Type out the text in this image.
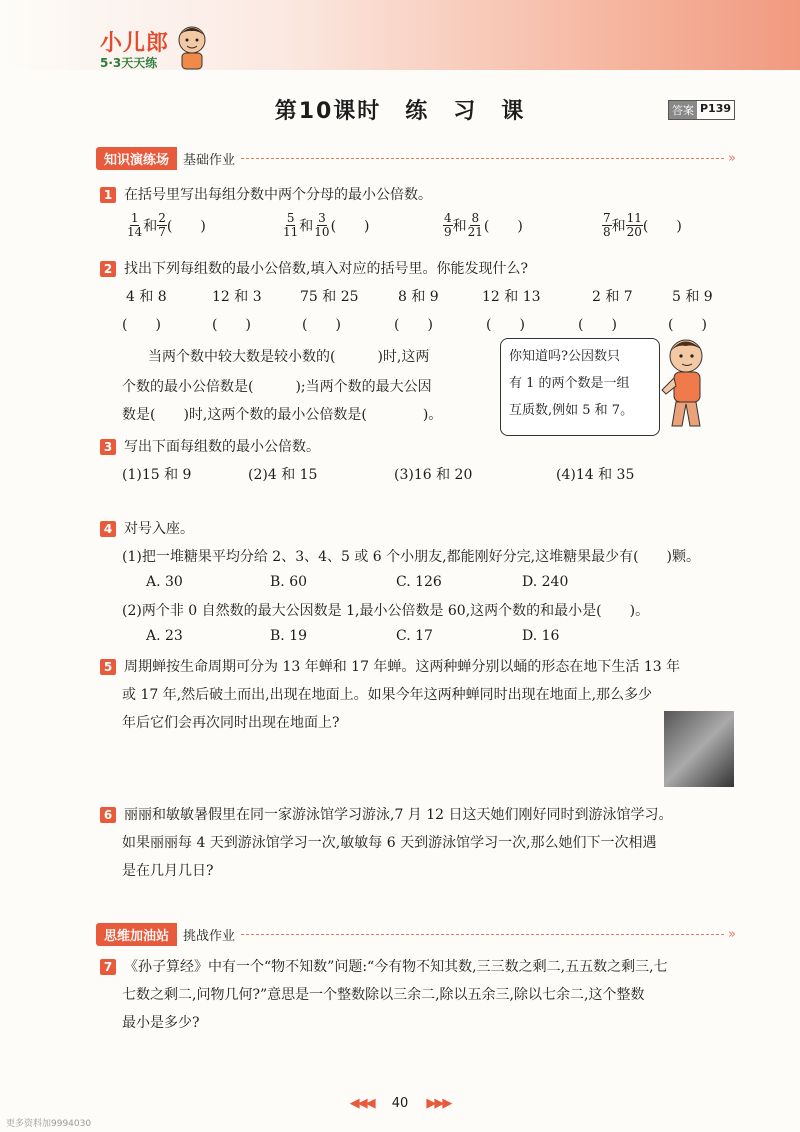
小儿郎
5·3天天练
第10课时　练　习　课	答案 P139
知识演练场	基础作业	»
1 在括号里写出每组分数中两个分母的最小公倍数。
$\frac{1}{14}$ 和 $\frac{2}{7}$ (　　)	$\frac{5}{11}$ 和 $\frac{3}{10}$ (　　)	$\frac{4}{9}$ 和 $\frac{8}{21}$ (　　)	$\frac{7}{8}$ 和 $\frac{11}{20}$ (　　)
2 找出下列每组数的最小公倍数,填入对应的括号里。你能发现什么?
4 和 8	12 和 3	75 和 25	8 和 9	12 和 13	2 和 7	5 和 9
(　　)	(　　)	(　　)	(　　)	(　　)	(　　)	(　　)
当两个数中较大数是较小数的(　　　)时,这两
个数的最小公倍数是(　　　);当两个数的最大公因
数是(　　)时,这两个数的最小公倍数是(　　　　)。
你知道吗?公因数只
有 1 的两个数是一组
互质数,例如 5 和 7。
3 写出下面每组数的最小公倍数。
(1)15 和 9	(2)4 和 15	(3)16 和 20	(4)14 和 35
4 对号入座。
(1)把一堆糖果平均分给 2、3、4、5 或 6 个小朋友,都能刚好分完,这堆糖果最少有(　　)颗。
A. 30	B. 60	C. 126	D. 240
(2)两个非 0 自然数的最大公因数是 1,最小公倍数是 60,这两个数的和最小是(　　)。
A. 23	B. 19	C. 17	D. 16
5 周期蝉按生命周期可分为 13 年蝉和 17 年蝉。这两种蝉分别以蛹的形态在地下生活 13 年
或 17 年,然后破土而出,出现在地面上。如果今年这两种蝉同时出现在地面上,那么多少
年后它们会再次同时出现在地面上?
6 丽丽和敏敏暑假里在同一家游泳馆学习游泳,7 月 12 日这天她们刚好同时到游泳馆学习。
如果丽丽每 4 天到游泳馆学习一次,敏敏每 6 天到游泳馆学习一次,那么她们下一次相遇
是在几月几日?
思维加油站	挑战作业	»
7 《孙子算经》中有一个“物不知数”问题:“今有物不知其数,三三数之剩二,五五数之剩三,七
七数之剩二,问物几何?”意思是一个整数除以三余二,除以五余三,除以七余二,这个整数
最小是多少?
◀◀◀ 40 ▶▶▶
更多资料加9994030
